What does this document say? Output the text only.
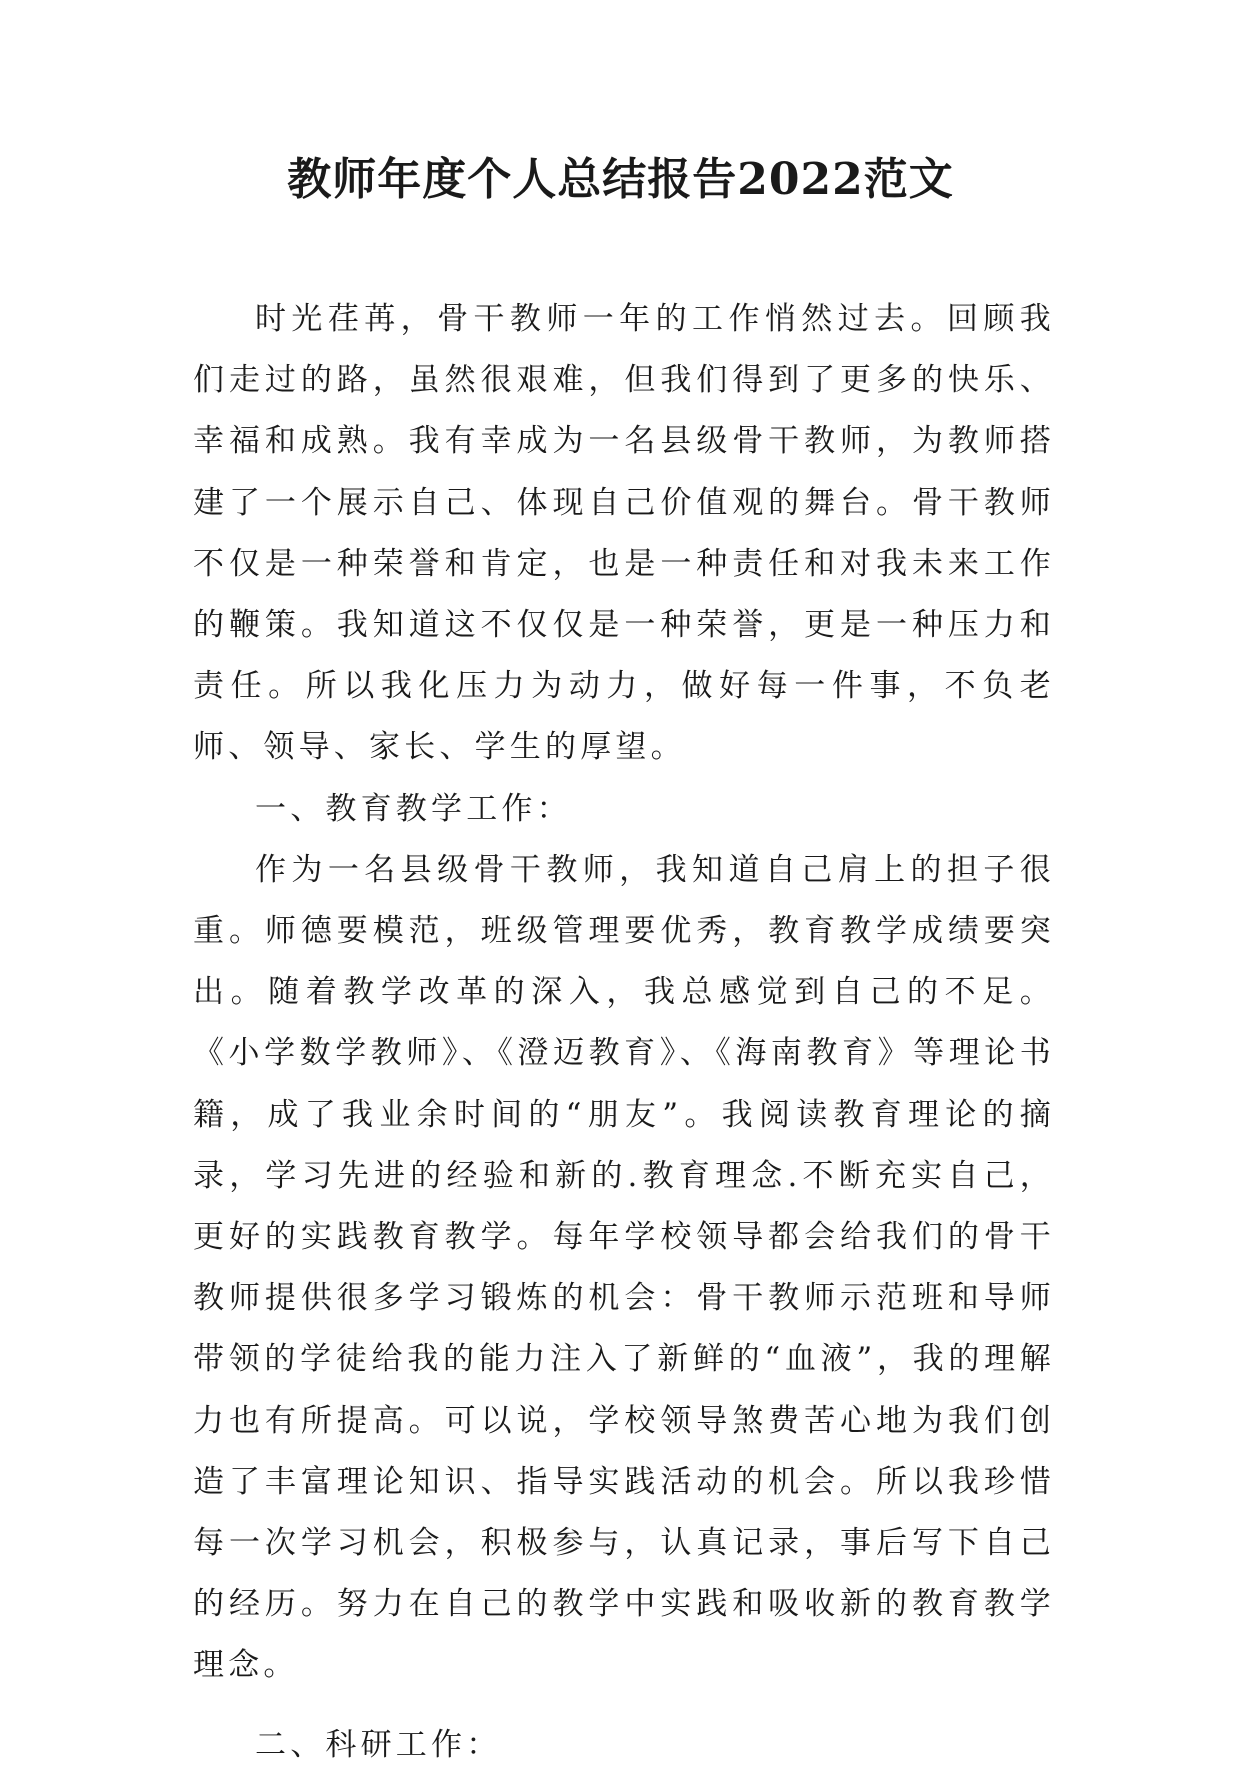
教师年度个人总结报告2022范文

时光荏苒，骨干教师一年的工作悄然过去。回顾我们走过的路，虽然很艰难，但我们得到了更多的快乐、幸福和成熟。我有幸成为一名县级骨干教师，为教师搭建了一个展示自己、体现自己价值观的舞台。骨干教师不仅是一种荣誉和肯定，也是一种责任和对我未来工作的鞭策。我知道这不仅仅是一种荣誉，更是一种压力和责任。所以我化压力为动力，做好每一件事，不负老师、领导、家长、学生的厚望。

一、教育教学工作：

作为一名县级骨干教师，我知道自己肩上的担子很重。师德要模范，班级管理要优秀，教育教学成绩要突出。随着教学改革的深入，我总感觉到自己的不足。《小学数学教师》、《澄迈教育》、《海南教育》等理论书籍，成了我业余时间的“朋友”。我阅读教育理论的摘录，学习先进的经验和新的.教育理念.不断充实自己，更好的实践教育教学。每年学校领导都会给我们的骨干教师提供很多学习锻炼的机会：骨干教师示范班和导师带领的学徒给我的能力注入了新鲜的“血液”，我的理解力也有所提高。可以说，学校领导煞费苦心地为我们创造了丰富理论知识、指导实践活动的机会。所以我珍惜每一次学习机会，积极参与，认真记录，事后写下自己的经历。努力在自己的教学中实践和吸收新的教育教学理念。

二、科研工作：
